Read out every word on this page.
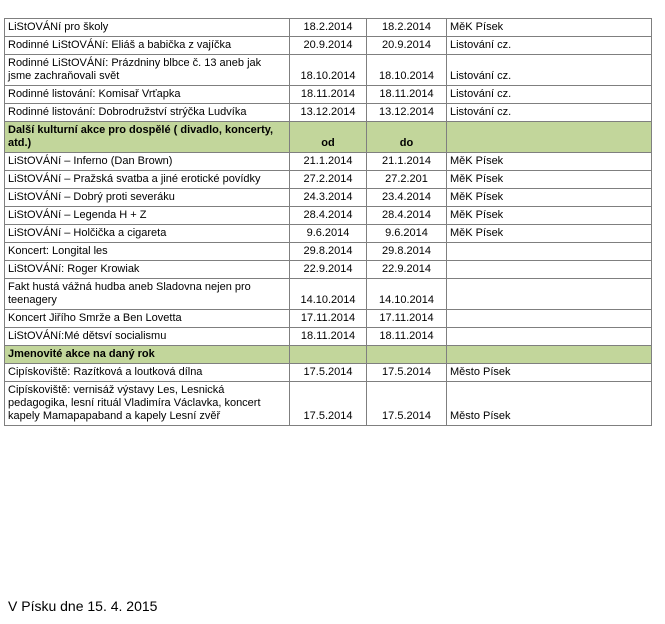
LiStOVÁNí pro školy	18.2.2014	18.2.2014	MěK Písek
Rodinné LiStOVÁNí: Eliáš a babička z vajíčka	20.9.2014	20.9.2014	Listování cz.
Rodinné LiStOVÁNí: Prázdniny blbce č. 13 aneb jak jsme zachraňovali svět	18.10.2014	18.10.2014	Listování cz.
Rodinné listování: Komisař Vrťapka	18.11.2014	18.11.2014	Listování cz.
Rodinné listování: Dobrodružství strýčka Ludvíka	13.12.2014	13.12.2014	Listování cz.
Další kulturní akce pro dospělé ( divadlo, koncerty, atd.)	od	do	
LiStOVÁNí – Inferno (Dan Brown)	21.1.2014	21.1.2014	MěK Písek
LiStOVÁNí – Pražská svatba a jiné erotické povídky	27.2.2014	27.2.201	MěK Písek
LiStOVÁNí – Dobrý proti severáku	24.3.2014	23.4.2014	MěK Písek
LiStOVÁNí – Legenda H + Z	28.4.2014	28.4.2014	MěK Písek
LiStOVÁNí – Holčička a cigareta	9.6.2014	9.6.2014	MěK Písek
Koncert: Longital les	29.8.2014	29.8.2014	
LiStOVÁNí: Roger Krowiak	22.9.2014	22.9.2014	
Fakt hustá vážná hudba aneb Sladovna nejen pro teenagery	14.10.2014	14.10.2014	
Koncert Jiřího Smrže a Ben Lovetta	17.11.2014	17.11.2014	
LiStOVÁNí:Mé dětsví socialismu	18.11.2014	18.11.2014	
Jmenovité akce na daný rok			
Cipískoviště: Razítková a loutková dílna	17.5.2014	17.5.2014	Město Písek
Cipískoviště: vernisáž výstavy Les, Lesnická pedagogika, lesní rituál Vladimíra Václavka, koncert kapely Mamapapaband a kapely Lesní zvěř	17.5.2014	17.5.2014	Město Písek
V Písku dne 15. 4. 2015
